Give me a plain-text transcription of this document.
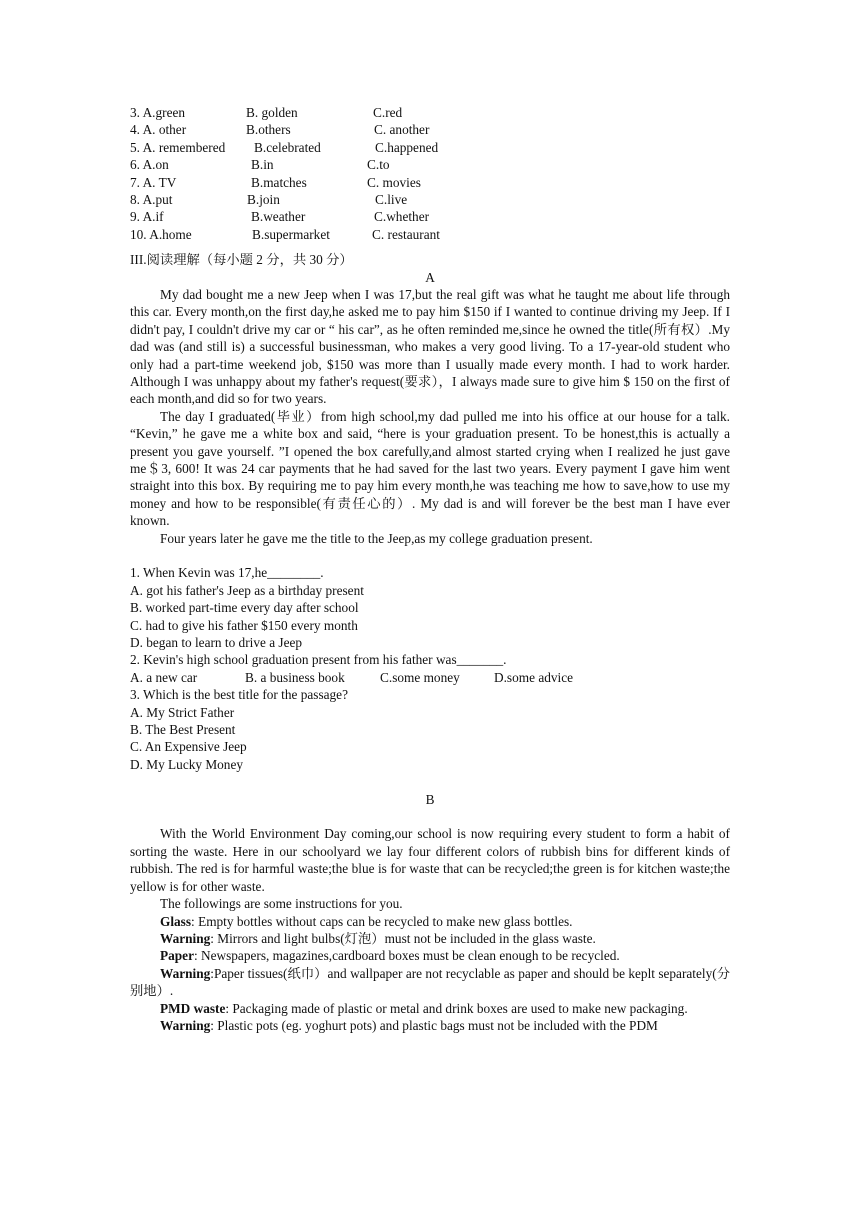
3. A.green	B. golden	C.red
4. A. other	B.others	C. another
5. A. remembered B.celebrated	C.happened
6. A.on	B.in	C.to
7. A. TV	B.matches	C. movies
8. A.put	B.join	C.live
9. A.if	B.weather	C.whether
10. A.home	B.supermarket	C. restaurant

III.阅读理解（每小题 2 分，共 30 分）

A

My dad bought me a new Jeep when I was 17,but the real gift was what he taught me about life through this car. Every month,on the first day,he asked me to pay him $150 if I wanted to continue driving my Jeep. If I didn't pay, I couldn't drive my car or “ his car”, as he often reminded me,since he owned the title(所有权）.My dad was (and still is) a successful businessman, who makes a very good living. To a 17-year-old student who only had a part-time weekend job, $150 was more than I usually made every month. I had to work harder. Although I was unhappy about my father's request(要求），I always made sure to give him $ 150 on the first of each month,and did so for two years.

The day I graduated(毕业）from high school,my dad pulled me into his office at our house for a talk. “Kevin,” he gave me a white box and said, “here is your graduation present. To be honest,this is actually a present you gave yourself. ”I opened the box carefully,and almost started crying when I realized he just gave me＄3, 600! It was 24 car payments that he had saved for the last two years. Every payment I gave him went straight into this box. By requiring me to pay him every month,he was teaching me how to save,how to use my money and how to be responsible(有责任心的）. My dad is and will forever be the best man I have ever known.

Four years later he gave me the title to the Jeep,as my college graduation present.

1. When Kevin was 17,he________.

A. got his father's Jeep as a birthday present

B. worked part-time every day after school

C. had to give his father $150 every month

D. began to learn to drive a Jeep

2. Kevin's high school graduation present from his father was_______.

A. a new car	B. a business book	C.some money	D.some advice

3. Which is the best title for the passage?

A. My Strict Father

B. The Best Present

C. An Expensive Jeep

D. My Lucky Money

B

With the World Environment Day coming,our school is now requiring every student to form a habit of sorting the waste. Here in our schoolyard we lay four different colors of rubbish bins for different kinds of rubbish. The red is for harmful waste;the blue is for waste that can be recycled;the green is for kitchen waste;the yellow is for other waste.

The followings are some instructions for you.

Glass: Empty bottles without caps can be recycled to make new glass bottles.

Warning: Mirrors and light bulbs(灯泡）must not be included in the glass waste.

Paper: Newspapers, magazines,cardboard boxes must be clean enough to be recycled.

Warning:Paper tissues(纸巾）and wallpaper are not recyclable as paper and should be keplt separately(分别地）.

PMD waste: Packaging made of plastic or metal and drink boxes are used to make new packaging.

Warning: Plastic pots (eg. yoghurt pots) and plastic bags must not be included with the PDM
